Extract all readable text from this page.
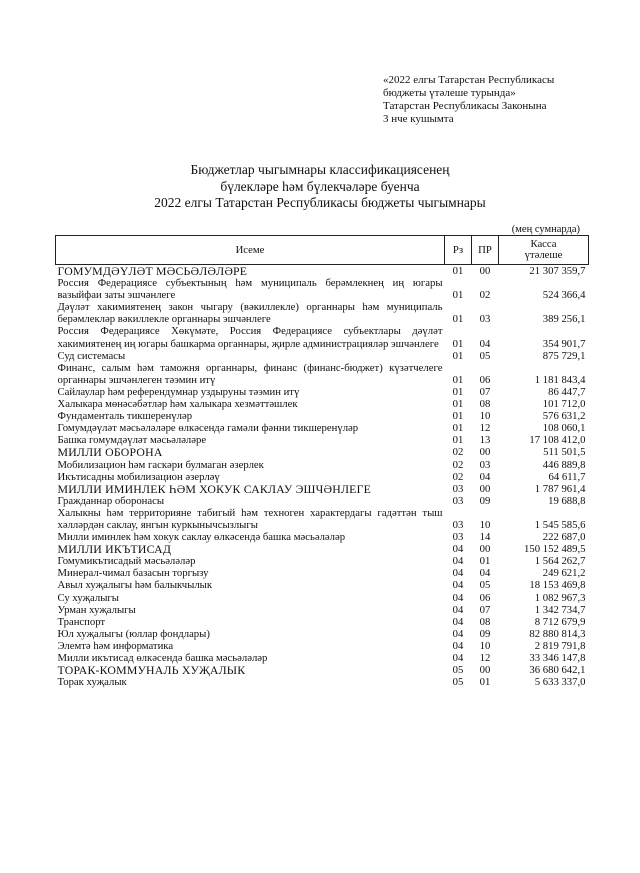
«2022 елгы Татарстан Республикасы
бюджеты үтәлеше турында»
Татарстан Республикасы Законына
3 нче кушымта
Бюджетлар чыгымнары классификациясенең
бүлекләре һәм бүлекчәләре буенча
2022 елгы Татарстан Республикасы бюджеты чыгымнары
(мең сумнарда)
Исеме	Рз	ПР	Касса
үтәлеше

ГОМУМДӘҮЛӘТ МӘСЬӘЛӘЛӘРЕ	01	00	21 307 359,7
Россия Федерациясе субъектының һәм муниципаль берәмлекнең иң югары вазыйфаи заты эшчәнлеге	01	02	524 366,4
Дәүләт хакимиятенең закон чыгару (вәкиллекле) органнары һәм муниципаль берәмлекләр вәкиллекле органнары эшчәнлеге	01	03	389 256,1
Россия Федерациясе Хөкүмәте, Россия Федерациясе субъектлары дәүләт хакимиятенең иң югары башкарма органнары, җирле администрацияләр эшчәнлеге	01	04	354 901,7
Суд системасы	01	05	875 729,1
Финанс, салым һәм таможня органнары, финанс (финанс-бюджет) күзәтчелеге органнары эшчәнлеген тәэмин итү	01	06	1 181 843,4
Сайлаулар һәм референдумнар уздыруны тәэмин итү	01	07	86 447,7
Халыкара мөнәсәбәтләр һәм халыкара хезмәттәшлек	01	08	101 712,0
Фундаменталь тикшеренүләр	01	10	576 631,2
Гомумдәүләт мәсьәләләре өлкәсендә гамәли фәнни тикшеренүләр	01	12	108 060,1
Башка гомумдәүләт мәсьәләләре	01	13	17 108 412,0
МИЛЛИ ОБОРОНА	02	00	511 501,5
Мобилизацион һәм гаскәри булмаган әзерлек	02	03	446 889,8
Икътисадны мобилизацион әзерләү	02	04	64 611,7
МИЛЛИ ИМИНЛЕК ҺӘМ ХОКУК САКЛАУ ЭШЧӘНЛЕГЕ	03	00	1 787 961,4
Гражданнар оборонасы	03	09	19 688,8
Халыкны һәм территорияне табигый һәм техноген характердагы гадәттән тыш хәлләрдән саклау, янгын куркынычсызлыгы	03	10	1 545 585,6
Милли иминлек һәм хокук саклау өлкәсендә башка мәсьәләләр	03	14	222 687,0
МИЛЛИ ИКЪТИСАД	04	00	150 152 489,5
Гомумикътисадый мәсьәләләр	04	01	1 564 262,7
Минерал-чимал базасын торгызу	04	04	249 621,2
Авыл хуҗалыгы һәм балыкчылык	04	05	18 153 469,8
Су хуҗалыгы	04	06	1 082 967,3
Урман хуҗалыгы	04	07	1 342 734,7
Транспорт	04	08	8 712 679,9
Юл хуҗалыгы (юллар фондлары)	04	09	82 880 814,3
Элемтә һәм информатика	04	10	2 819 791,8
Милли икътисад өлкәсендә башка мәсьәләләр	04	12	33 346 147,8
ТОРАК-КОММУНАЛЬ ХУҖАЛЫК	05	00	36 680 642,1
Торак хуҗалык	05	01	5 633 337,0
